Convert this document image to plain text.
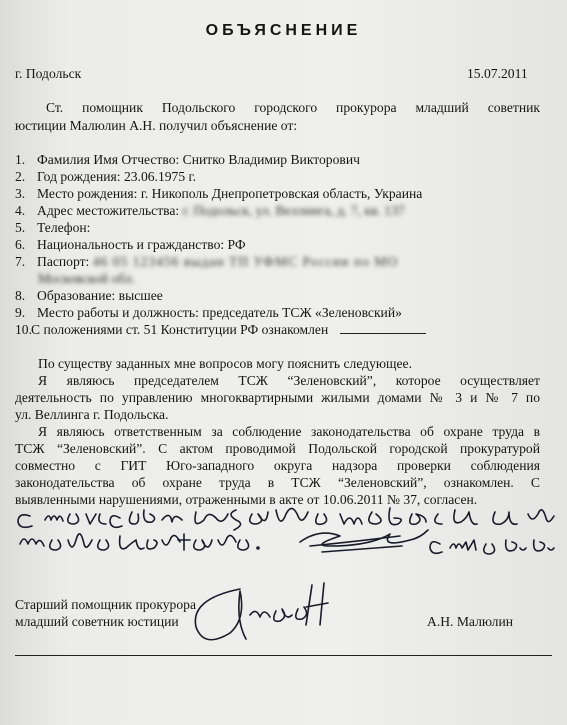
ОБЪЯСНЕНИЕ
г. Подольск	15.07.2011
Ст. помощник Подольского городского прокурора младший советник
юстиции Малюлин А.Н. получил объяснение от:
1. Фамилия Имя Отчество: Снитко Владимир Викторович
2. Год рождения: 23.06.1975 г.
3. Место рождения: г. Никополь Днепропетровская область, Украина
4. Адрес местожительства: г. Подольск, ул. Веллинга, д. 7, кв. 137
5. Телефон:
6. Национальность и гражданство: РФ
7. Паспорт: 46 05 123456 выдан ТП УФМС России по МО
Московской обл.
8. Образование: высшее
9. Место работы и должность: председатель ТСЖ «Зеленовский»
10.С положениями ст. 51 Конституции РФ ознакомлен
По существу заданных мне вопросов могу пояснить следующее.
Я являюсь председателем ТСЖ “Зеленовский”, которое осуществляет
деятельность по управлению многоквартирными жилыми домами № 3 и № 7 по
ул. Веллинга г. Подольска.
Я являюсь ответственным за соблюдение законодательства об охране труда в
ТСЖ “Зеленовский”. С актом проводимой Подольской городской прокуратурой
совместно с ГИТ Юго-западного округа надзора проверки соблюдения
законодательства об охране труда в ТСЖ “Зеленовский”, ознакомлен. С
выявленными нарушениями, отраженными в акте от 10.06.2011 № 37, согласен.
Старший помощник прокурора
младший советник юстиции	А.Н. Малюлин
